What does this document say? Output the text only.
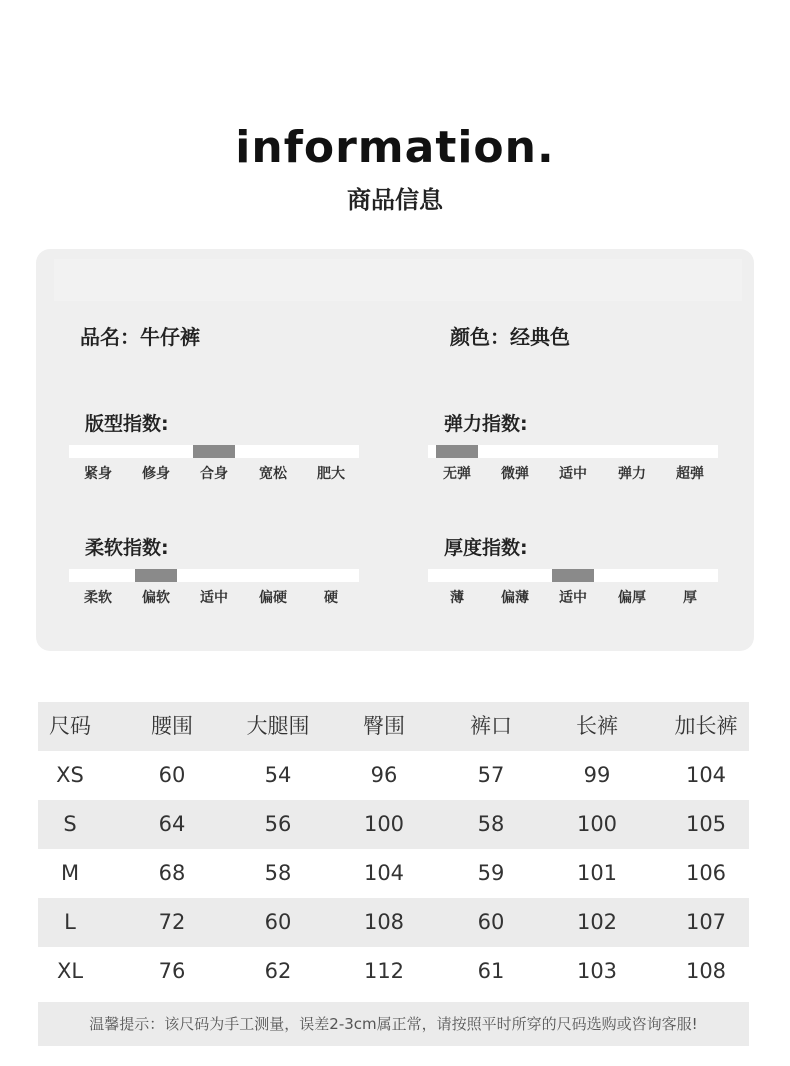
information.
商品信息
品名：牛仔裤	颜色：经典色
版型指数:
紧身	修身	合身	宽松	肥大
弹力指数:
无弹	微弹	适中	弹力	超弹
柔软指数:
柔软	偏软	适中	偏硬	硬
厚度指数:
薄	偏薄	适中	偏厚	厚
尺码	腰围	大腿围	臀围	裤口	长裤	加长裤
XS	60	54	96	57	99	104
S	64	56	100	58	100	105
M	68	58	104	59	101	106
L	72	60	108	60	102	107
XL	76	62	112	61	103	108
温馨提示：该尺码为手工测量，误差2-3cm属正常，请按照平时所穿的尺码选购或咨询客服!
